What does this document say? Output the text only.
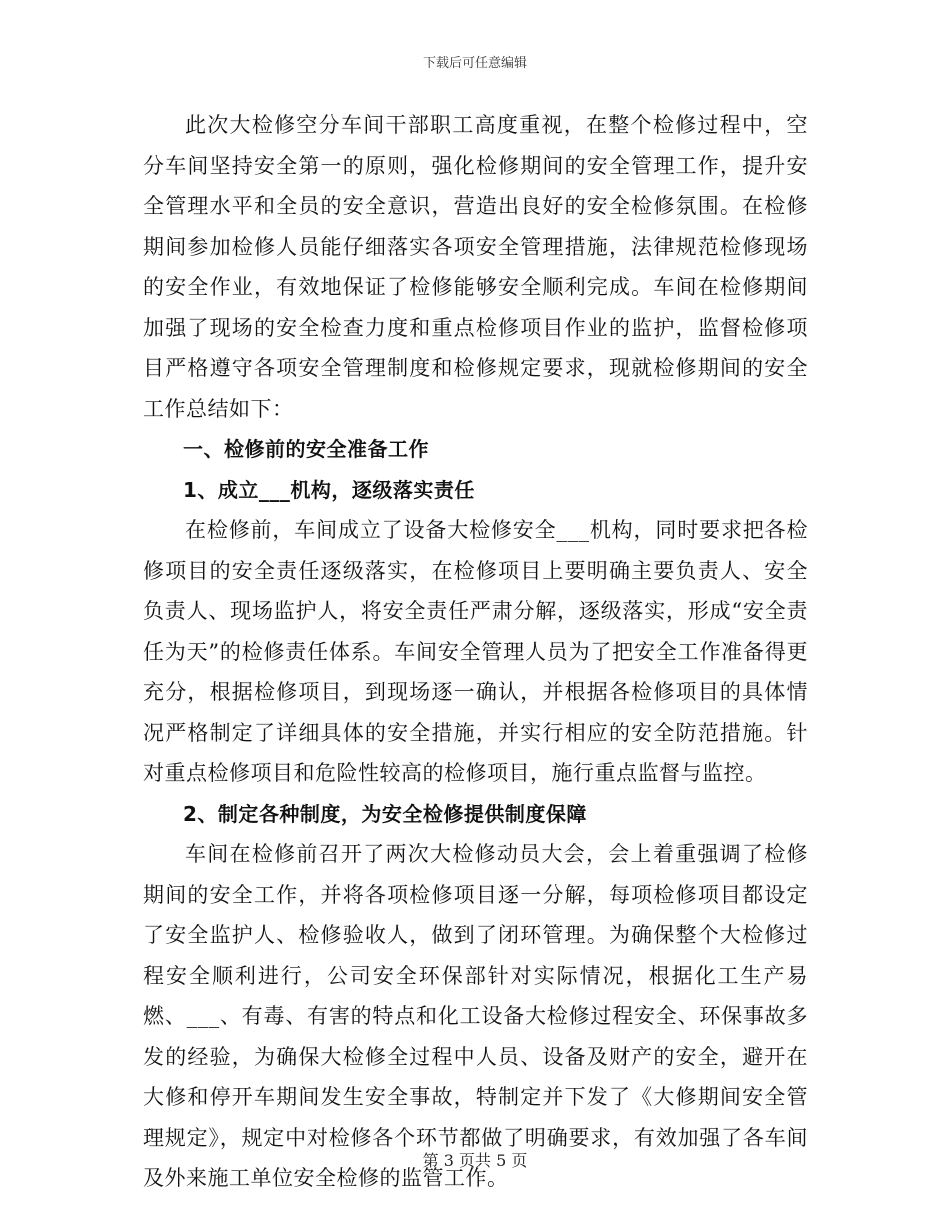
下载后可任意编辑

此次大检修空分车间干部职工高度重视，在整个检修过程中，空分车间坚持安全第一的原则，强化检修期间的安全管理工作，提升安全管理水平和全员的安全意识，营造出良好的安全检修氛围。在检修期间参加检修人员能仔细落实各项安全管理措施，法律规范检修现场的安全作业，有效地保证了检修能够安全顺利完成。车间在检修期间加强了现场的安全检查力度和重点检修项目作业的监护，监督检修项目严格遵守各项安全管理制度和检修规定要求，现就检修期间的安全工作总结如下：

一、检修前的安全准备工作

1、成立___机构，逐级落实责任

在检修前，车间成立了设备大检修安全___机构，同时要求把各检修项目的安全责任逐级落实，在检修项目上要明确主要负责人、安全负责人、现场监护人，将安全责任严肃分解，逐级落实，形成“安全责任为天”的检修责任体系。车间安全管理人员为了把安全工作准备得更充分，根据检修项目，到现场逐一确认，并根据各检修项目的具体情况严格制定了详细具体的安全措施，并实行相应的安全防范措施。针对重点检修项目和危险性较高的检修项目，施行重点监督与监控。

2、制定各种制度，为安全检修提供制度保障

车间在检修前召开了两次大检修动员大会，会上着重强调了检修期间的安全工作，并将各项检修项目逐一分解，每项检修项目都设定了安全监护人、检修验收人，做到了闭环管理。为确保整个大检修过程安全顺利进行，公司安全环保部针对实际情况，根据化工生产易燃、___、有毒、有害的特点和化工设备大检修过程安全、环保事故多发的经验，为确保大检修全过程中人员、设备及财产的安全，避开在大修和停开车期间发生安全事故，特制定并下发了《大修期间安全管理规定》，规定中对检修各个环节都做了明确要求，有效加强了各车间及外来施工单位安全检修的监管工作。

第 3 页共 5 页
